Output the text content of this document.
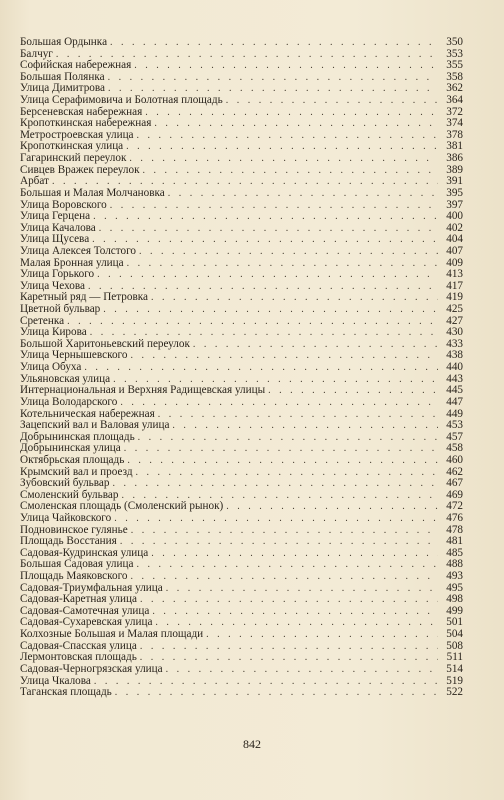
Большая Ордынка . . .	350
Балчуг . . .	353
Софийская набережная . . .	355
Большая Полянка . . .	358
Улица Димитрова . . .	362
Улица Серафимовича и Болотная площадь . . .	364
Берсеневская набережная . . .	372
Кропоткинская набережная . . .	374
Метростроевская улица . . .	378
Кропоткинская улица . . .	381
Гагаринский переулок . . .	386
Сивцев Вражек переулок . . .	389
Арбат . . .	391
Большая и Малая Молчановка . . .	395
Улица Воровского . . .	397
Улица Герцена . . .	400
Улица Качалова . . .	402
Улица Щусева . . .	404
Улица Алексея Толстого . . .	407
Малая Бронная улица . . .	409
Улица Горького . . .	413
Улица Чехова . . .	417
Каретный ряд — Петровка . . .	419
Цветной бульвар . . .	425
Сретенка . . .	427
Улица Кирова . . .	430
Большой Харитоньевский переулок . . .	433
Улица Чернышевского . . .	438
Улица Обуха . . .	440
Ульяновская улица . . .	443
Интернациональная и Верхняя Радищевская улицы . . .	445
Улица Володарского . . .	447
Котельническая набережная . . .	449
Зацепский вал и Валовая улица . . .	453
Добрынинская площадь . . .	457
Добрынинская улица . . .	458
Октябрьская площадь . . .	460
Крымский вал и проезд . . .	462
Зубовский бульвар . . .	467
Смоленский бульвар . . .	469
Смоленская площадь (Смоленский рынок) . . .	472
Улица Чайковского . . .	476
Подновинское гулянье . . .	478
Площадь Восстания . . .	481
Садовая-Кудринская улица . . .	485
Большая Садовая улица . . .	488
Площадь Маяковского . . .	493
Садовая-Триумфальная улица . . .	495
Садовая-Каретная улица . . .	498
Садовая-Самотечная улица . . .	499
Садовая-Сухаревская улица . . .	501
Колхозные Большая и Малая площади . . .	504
Садовая-Спасская улица . . .	508
Лермонтовская площадь . . .	511
Садовая-Черногрязская улица . . .	514
Улица Чкалова . . .	519
Таганская площадь . . .	522
842
